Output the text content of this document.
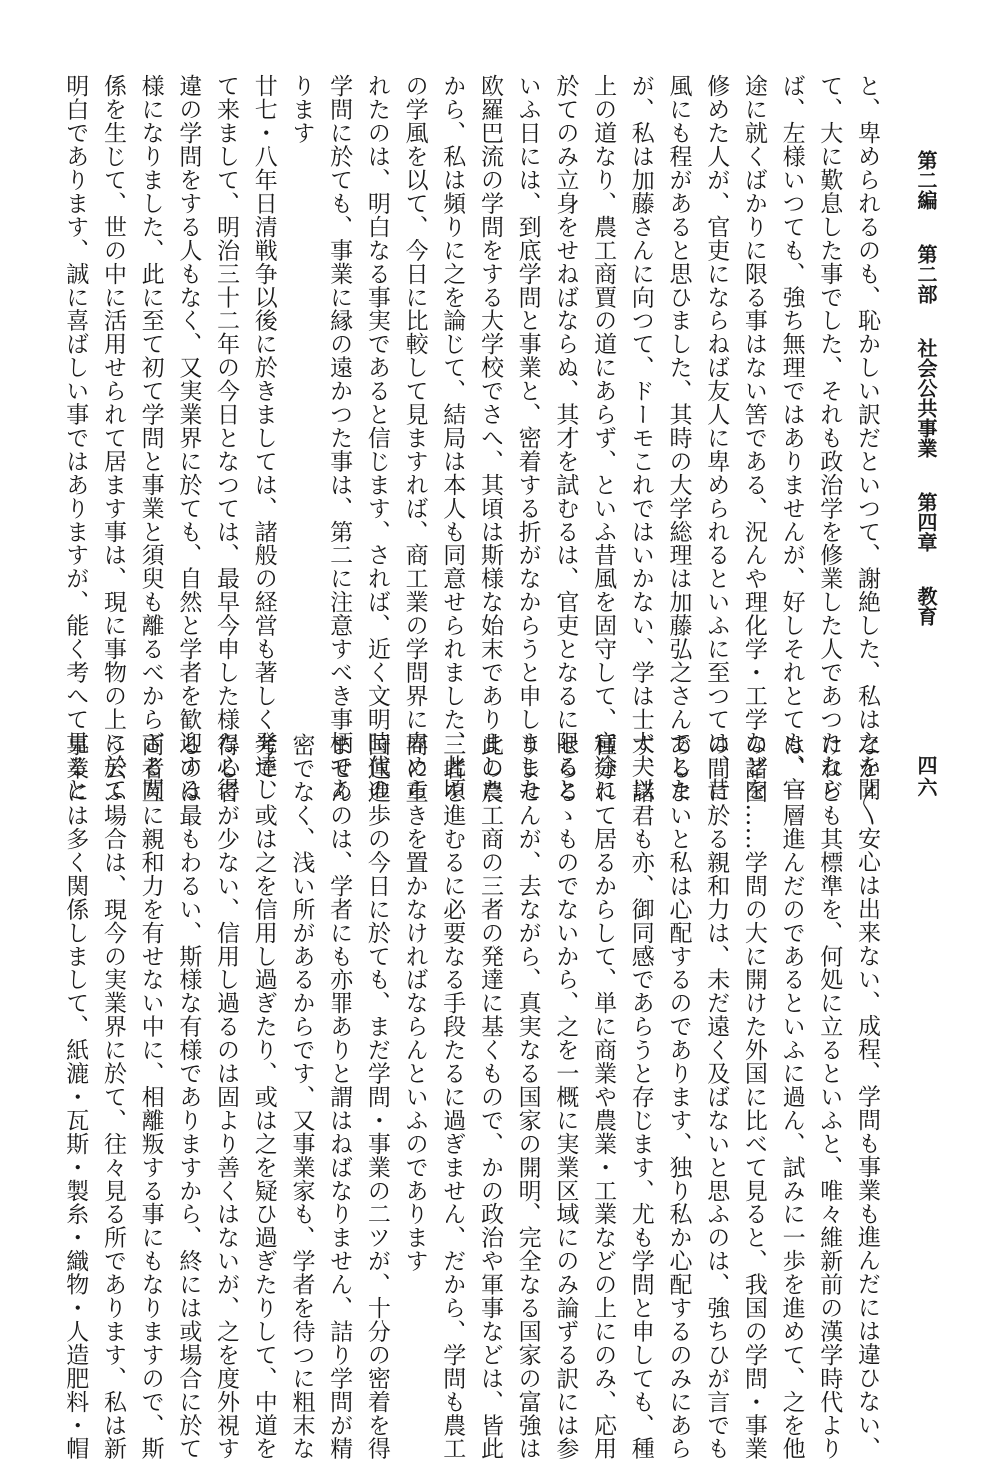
第二編  第二部  社会公共事業  第四章  教育
四六
と、卑められるのも、恥かしい訳だといつて、謝絶した、私は之を聞
て、大に歎息した事でした、それも政治学を修業した人であつたなら
ば、左様いつても、強ち無理ではありませんが、好しそれとても、官
途に就くばかりに限る事はない筈である、況んや理化学・工学などを
修めた人が、官吏にならねば友人に卑められるといふに至つては、昔
風にも程があると思ひました、其時の大学総理は加藤弘之さんでした
が、私は加藤さんに向つて、ドーモこれではいかない、学は士大夫以
上の道なり、農工商賈の道にあらず、といふ昔風を固守して、官途に
於てのみ立身をせねばならぬ、其才を試むるは、官吏となるに限ると
いふ日には、到底学問と事業と、密着する折がなからうと申しました
欧羅巴流の学問をする大学校でさへ、其頃は斯様な始末でありました
から、私は頻りに之を論じて、結局は本人も同意せられました、此頃
の学風を以て、今日に比較して見ますれば、商工業の学問界に卑めら
れたのは、明白なる事実であると信じます、されば、近く文明時代の
学問に於ても、事業に縁の遠かつた事は、第二に注意すべき事柄であ
ります
廿七・八年日清戦争以後に於きましては、諸般の経営も著しく発達し
て来まして、明治三十二年の今日となつては、最早今申した様な心得
違の学問をする人もなく、又実業界に於ても、自然と学者を歓迎する
様になりました、此に至て初て学問と事業と須臾も離るべからざる関
係を生じて、世の中に活用せられて居ます事は、現に事物の上に於て
明白であります、誠に喜ばしい事ではありますが、能く考へて見ると
なか〳〵安心は出来ない、成程、学問も事業も進んだには違ひない、
けれども其標準を、何処に立るといふと、唯々維新前の漢学時代より
は、一層進んだのであるといふに過ん、試みに一歩を進めて、之を他
の諸国……学問の大に開けた外国に比べて見ると、我国の学問・事業
の間に於る親和力は、未だ遠く及ばないと思ふのは、強ちひが言でも
あるまいと私は心配するのであります、独り私か心配するのみにあら
ず、諸君も亦、御同感であらうと存じます、尤も学問と申しても、種
種分れて居るからして、単に商業や農業・工業などの上にのみ、応用
せらるゝものでないから、之を一概に実業区域にのみ論ずる訳には参
りませんが、去ながら、真実なる国家の開明、完全なる国家の富強は
此の農工商の三者の発達に基くもので、かの政治や軍事などは、皆此
三者を進むるに必要なる手段たるに過ぎません、だから、学問も農工
商に重きを置かなければならんといふのであります
国運進歩の今日に於ても、まだ学問・事業の二ツが、十分の密着を得
ませんのは、学者にも亦罪ありと謂はねばなりません、詰り学問が精
密でなく、浅い所があるからです、又事業家も、学者を待つに粗末な
考で、或は之を信用し過ぎたり、或は之を疑ひ過ぎたりして、中道を
得る者が少ない、信用し過るのは固より善くはないが、之を度外視す
るのは最もわるい、斯様な有様でありますから、終には或場合に於て
両者互に親和力を有せない中に、相離叛する事にもなりますので、斯
う云ふ場合は、現今の実業界に於て、往々見る所であります、私は新
事業には多く関係しまして、紙漉・瓦斯・製糸・織物・人造肥料・帽
